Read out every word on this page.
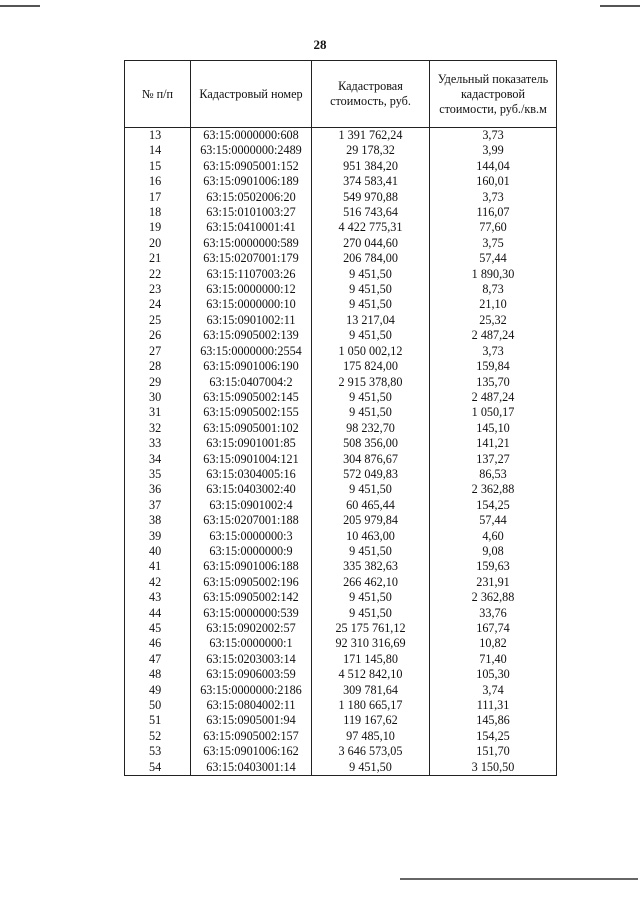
28
№ п/п	Кадастровый номер	Кадастровая стоимость, руб.	Удельный показатель кадастровой стоимости, руб./кв.м
13	63:15:0000000:608	1 391 762,24	3,73
14	63:15:0000000:2489	29 178,32	3,99
15	63:15:0905001:152	951 384,20	144,04
16	63:15:0901006:189	374 583,41	160,01
17	63:15:0502006:20	549 970,88	3,73
18	63:15:0101003:27	516 743,64	116,07
19	63:15:0410001:41	4 422 775,31	77,60
20	63:15:0000000:589	270 044,60	3,75
21	63:15:0207001:179	206 784,00	57,44
22	63:15:1107003:26	9 451,50	1 890,30
23	63:15:0000000:12	9 451,50	8,73
24	63:15:0000000:10	9 451,50	21,10
25	63:15:0901002:11	13 217,04	25,32
26	63:15:0905002:139	9 451,50	2 487,24
27	63:15:0000000:2554	1 050 002,12	3,73
28	63:15:0901006:190	175 824,00	159,84
29	63:15:0407004:2	2 915 378,80	135,70
30	63:15:0905002:145	9 451,50	2 487,24
31	63:15:0905002:155	9 451,50	1 050,17
32	63:15:0905001:102	98 232,70	145,10
33	63:15:0901001:85	508 356,00	141,21
34	63:15:0901004:121	304 876,67	137,27
35	63:15:0304005:16	572 049,83	86,53
36	63:15:0403002:40	9 451,50	2 362,88
37	63:15:0901002:4	60 465,44	154,25
38	63:15:0207001:188	205 979,84	57,44
39	63:15:0000000:3	10 463,00	4,60
40	63:15:0000000:9	9 451,50	9,08
41	63:15:0901006:188	335 382,63	159,63
42	63:15:0905002:196	266 462,10	231,91
43	63:15:0905002:142	9 451,50	2 362,88
44	63:15:0000000:539	9 451,50	33,76
45	63:15:0902002:57	25 175 761,12	167,74
46	63:15:0000000:1	92 310 316,69	10,82
47	63:15:0203003:14	171 145,80	71,40
48	63:15:0906003:59	4 512 842,10	105,30
49	63:15:0000000:2186	309 781,64	3,74
50	63:15:0804002:11	1 180 665,17	111,31
51	63:15:0905001:94	119 167,62	145,86
52	63:15:0905002:157	97 485,10	154,25
53	63:15:0901006:162	3 646 573,05	151,70
54	63:15:0403001:14	9 451,50	3 150,50
